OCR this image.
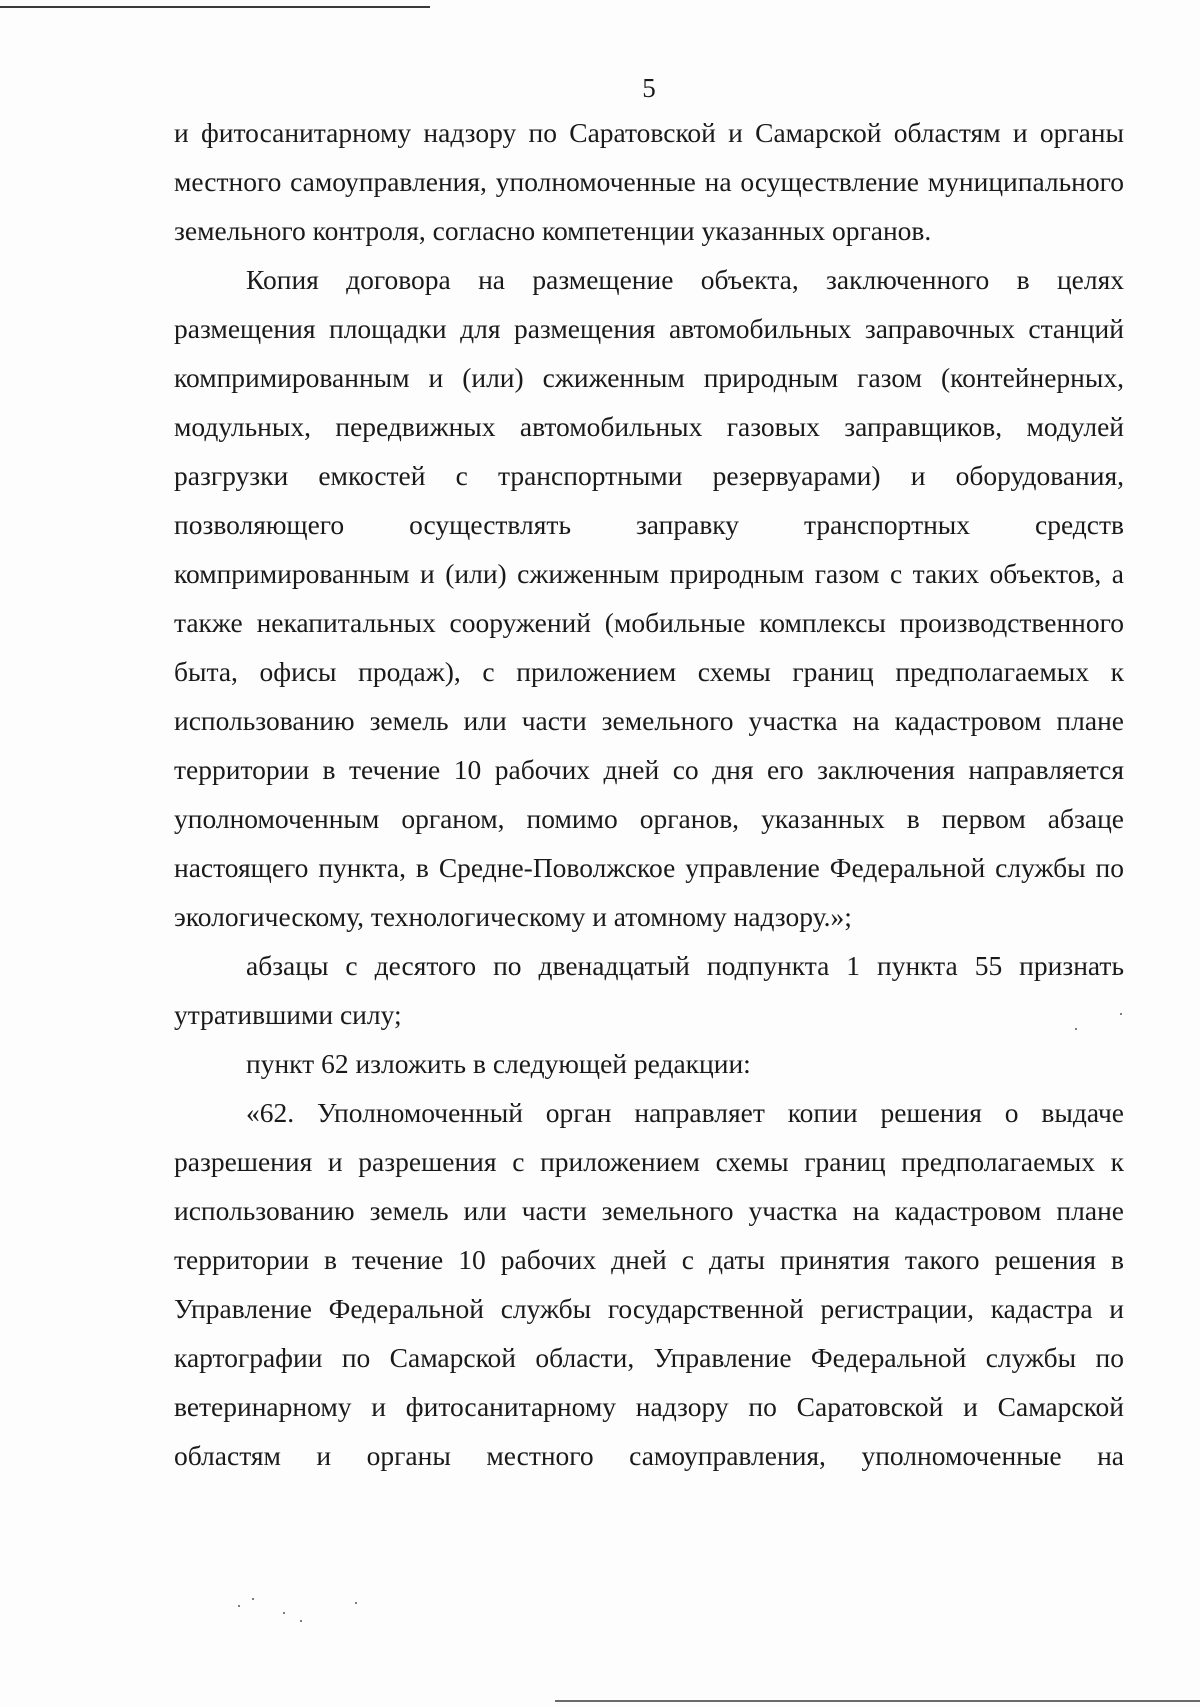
5

и фитосанитарному надзору по Саратовской и Самарской областям и органы местного самоуправления, уполномоченные на осуществление муниципального земельного контроля, согласно компетенции указанных органов.

Копия договора на размещение объекта, заключенного в целях размещения площадки для размещения автомобильных заправочных станций компримированным и (или) сжиженным природным газом (контейнерных, модульных, передвижных автомобильных газовых заправщиков, модулей разгрузки емкостей с транспортными резервуарами) и оборудования, позволяющего осуществлять заправку транспортных средств компримированным и (или) сжиженным природным газом с таких объектов, а также некапитальных сооружений (мобильные комплексы производственного быта, офисы продаж), с приложением схемы границ предполагаемых к использованию земель или части земельного участка на кадастровом плане территории в течение 10 рабочих дней со дня его заключения направляется уполномоченным органом, помимо органов, указанных в первом абзаце настоящего пункта, в Средне-Поволжское управление Федеральной службы по экологическому, технологическому и атомному надзору.»;

абзацы с десятого по двенадцатый подпункта 1 пункта 55 признать утратившими силу;

пункт 62 изложить в следующей редакции:

«62. Уполномоченный орган направляет копии решения о выдаче разрешения и разрешения с приложением схемы границ предполагаемых к использованию земель или части земельного участка на кадастровом плане территории в течение 10 рабочих дней с даты принятия такого решения в Управление Федеральной службы государственной регистрации, кадастра и картографии по Самарской области, Управление Федеральной службы по ветеринарному и фитосанитарному надзору по Саратовской и Самарской областям и органы местного самоуправления, уполномоченные на
